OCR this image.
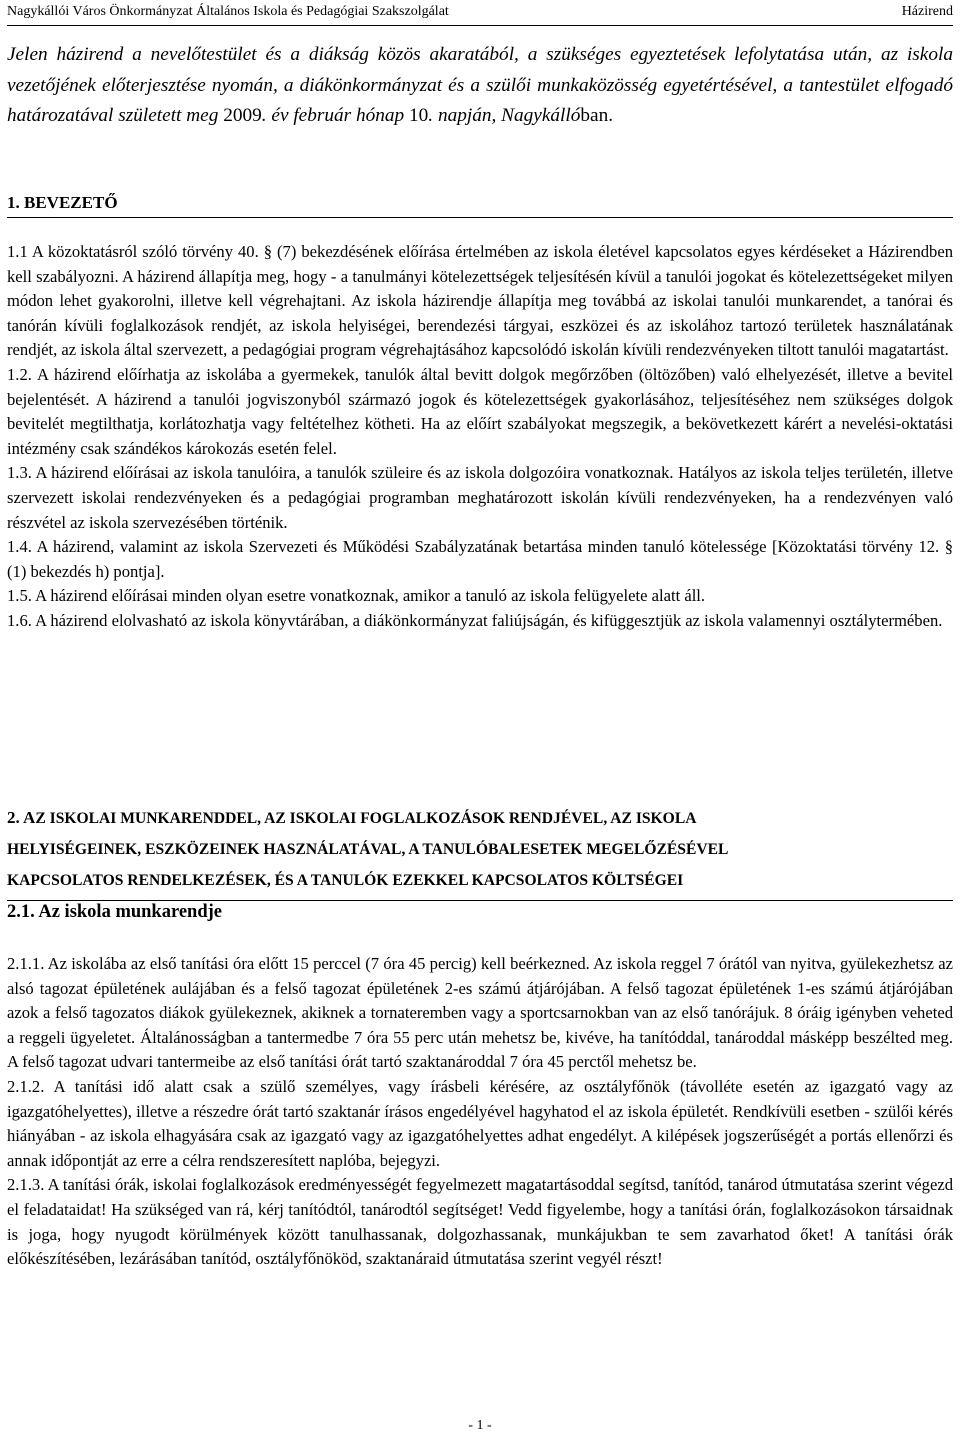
Nagykállói Város Önkormányzat Általános Iskola és Pedagógiai Szakszolgálat	Házirend
Jelen házirend a nevelőtestület és a diákság közös akaratából, a szükséges egyeztetések lefolytatása után, az iskola vezetőjének előterjesztése nyomán, a diákönkormányzat és a szülői munkaközösség egyetértésével, a tantestület elfogadó határozatával született meg 2009. év február hónap 10. napján, Nagykállóban.
1. BEVEZETŐ

1.1 A közoktatásról szóló törvény 40. § (7) bekezdésének előírása értelmében az iskola életével kapcsolatos egyes kérdéseket a Házirendben kell szabályozni. A házirend állapítja meg, hogy - a tanulmányi kötelezettségek teljesítésén kívül a tanulói jogokat és kötelezettségeket milyen módon lehet gyakorolni, illetve kell végrehajtani. Az iskola házirendje állapítja meg továbbá az iskolai tanulói munkarendet, a tanórai és tanórán kívüli foglalkozások rendjét, az iskola helyiségei, berendezési tárgyai, eszközei és az iskolához tartozó területek használatának rendjét, az iskola által szervezett, a pedagógiai program végrehajtásához kapcsolódó iskolán kívüli rendezvényeken tiltott tanulói magatartást.

1.2. A házirend előírhatja az iskolába a gyermekek, tanulók által bevitt dolgok megőrzőben (öltözőben) való elhelyezését, illetve a bevitel bejelentését. A házirend a tanulói jogviszonyból származó jogok és kötelezettségek gyakorlásához, teljesítéséhez nem szükséges dolgok bevitelét megtilthatja, korlátozhatja vagy feltételhez kötheti. Ha az előírt szabályokat megszegik, a bekövetkezett kárért a nevelési-oktatási intézmény csak szándékos károkozás esetén felel.

1.3. A házirend előírásai az iskola tanulóira, a tanulók szüleire és az iskola dolgozóira vonatkoznak. Hatályos az iskola teljes területén, illetve szervezett iskolai rendezvényeken és a pedagógiai programban meghatározott iskolán kívüli rendezvényeken, ha a rendezvényen való részvétel az iskola szervezésében történik.

1.4. A házirend, valamint az iskola Szervezeti és Működési Szabályzatának betartása minden tanuló kötelessége [Közoktatási törvény 12. § (1) bekezdés h) pontja].

1.5. A házirend előírásai minden olyan esetre vonatkoznak, amikor a tanuló az iskola felügyelete alatt áll.

1.6. A házirend elolvasható az iskola könyvtárában, a diákönkormányzat faliújságán, és kifüggesztjük az iskola valamennyi osztálytermében.

2. AZ ISKOLAI MUNKARENDDEL, AZ ISKOLAI FOGLALKOZÁSOK RENDJÉVEL, AZ ISKOLA
HELYISÉGEINEK, ESZKÖZEINEK HASZNÁLATÁVAL, A TANULÓBALESETEK MEGELŐZÉSÉVEL
KAPCSOLATOS RENDELKEZÉSEK, ÉS A TANULÓK EZEKKEL KAPCSOLATOS KÖLTSÉGEI
2.1. Az iskola munkarendje

2.1.1. Az iskolába az első tanítási óra előtt 15 perccel (7 óra 45 percig) kell beérkezned. Az iskola reggel 7 órától van nyitva, gyülekezhetsz az alsó tagozat épületének aulájában és a felső tagozat épületének 2-es számú átjárójában. A felső tagozat épületének 1-es számú átjárójában azok a felső tagozatos diákok gyülekeznek, akiknek a tornateremben vagy a sportcsarnokban van az első tanórájuk. 8 óráig igényben veheted a reggeli ügyeletet. Általánosságban a tantermedbe 7 óra 55 perc után mehetsz be, kivéve, ha tanítóddal, tanároddal másképp beszélted meg. A felső tagozat udvari tantermeibe az első tanítási órát tartó szaktanároddal 7 óra 45 perctől mehetsz be.

2.1.2. A tanítási idő alatt csak a szülő személyes, vagy írásbeli kérésére, az osztályfőnök (távollétе esetén az igazgató vagy az igazgatóhelyettes), illetve a részedre órát tartó szaktanár írásos engedélyével hagyhatod el az iskola épületét. Rendkívüli esetben - szülői kérés hiányában - az iskola elhagyására csak az igazgató vagy az igazgatóhelyettes adhat engedélyt. A kilépések jogszerűségét a portás ellenőrzi és annak időpontját az erre a célra rendszeresített naplóba, bejegyzi.

2.1.3. A tanítási órák, iskolai foglalkozások eredményességét fegyelmezett magatartásoddal segítsd, tanítód, tanárod útmutatása szerint végezd el feladataidat! Ha szükséged van rá, kérj tanítódtól, tanárodtól segítséget! Vedd figyelembe, hogy a tanítási órán, foglalkozásokon társaidnak is joga, hogy nyugodt körülmények között tanulhassanak, dolgozhassanak, munkájukban te sem zavarhatod őket! A tanítási órák előkészítésében, lezárásában tanítód, osztályfőnököd, szaktanáraid útmutatása szerint vegyél részt!

- 1 -
